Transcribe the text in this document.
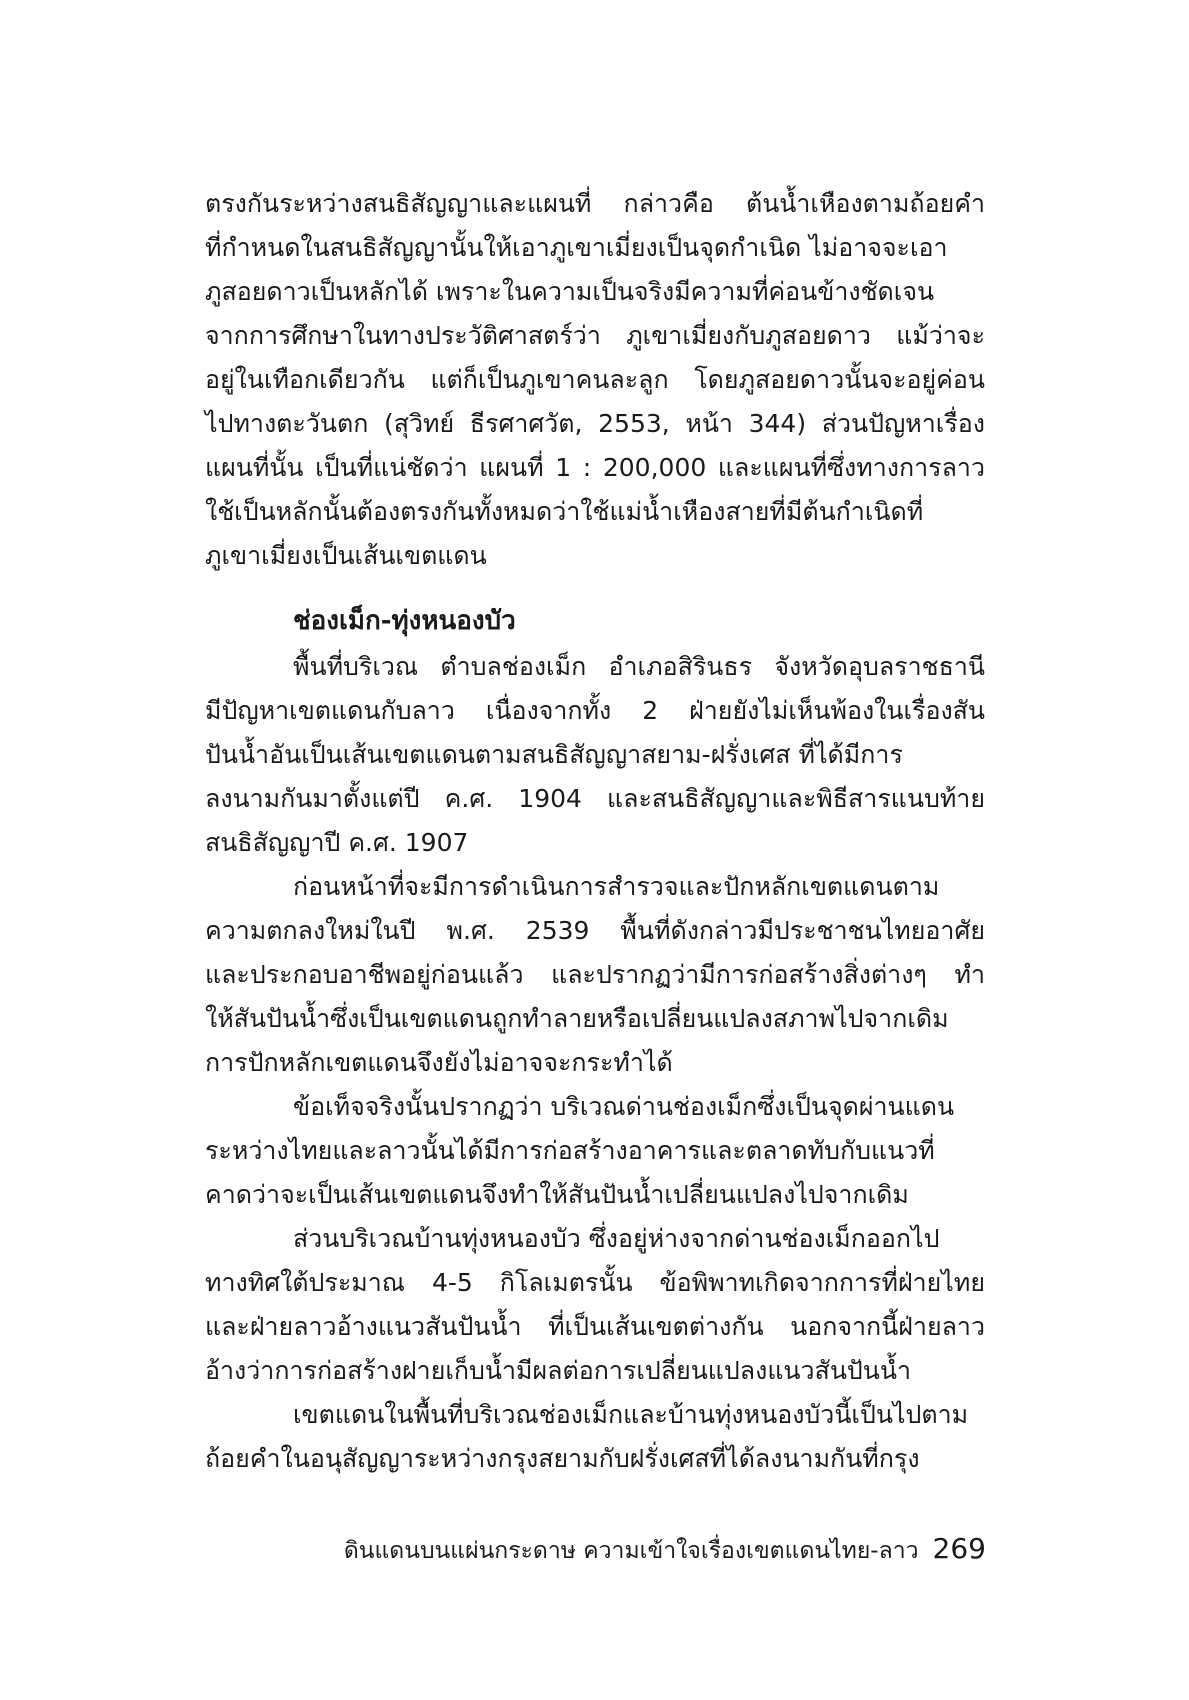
ตรงกันระหว่างสนธิสัญญาและแผนที่ กล่าวคือ ต้นน้ำเหืองตามถ้อยคำ
ที่กำหนดในสนธิสัญญานั้นให้เอาภูเขาเมี่ยงเป็นจุดกำเนิด ไม่อาจจะเอา
ภูสอยดาวเป็นหลักได้ เพราะในความเป็นจริงมีความที่ค่อนข้างชัดเจน
จากการศึกษาในทางประวัติศาสตร์ว่า ภูเขาเมี่ยงกับภูสอยดาว แม้ว่าจะ
อยู่ในเทือกเดียวกัน แต่ก็เป็นภูเขาคนละลูก โดยภูสอยดาวนั้นจะอยู่ค่อน
ไปทางตะวันตก (สุวิทย์ ธีรศาศวัต, 2553, หน้า 344) ส่วนปัญหาเรื่อง
แผนที่นั้น เป็นที่แน่ชัดว่า แผนที่ 1 : 200,000 และแผนที่ซึ่งทางการลาว
ใช้เป็นหลักนั้นต้องตรงกันทั้งหมดว่าใช้แม่น้ำเหืองสายที่มีต้นกำเนิดที่
ภูเขาเมี่ยงเป็นเส้นเขตแดน
ช่องเม็ก-ทุ่งหนองบัว
พื้นที่บริเวณ ตำบลช่องเม็ก อำเภอสิรินธร จังหวัดอุบลราชธานี
มีปัญหาเขตแดนกับลาว เนื่องจากทั้ง 2 ฝ่ายยังไม่เห็นพ้องในเรื่องสัน
ปันน้ำอันเป็นเส้นเขตแดนตามสนธิสัญญาสยาม-ฝรั่งเศส ที่ได้มีการ
ลงนามกันมาตั้งแต่ปี ค.ศ. 1904 และสนธิสัญญาและพิธีสารแนบท้าย
สนธิสัญญาปี ค.ศ. 1907
ก่อนหน้าที่จะมีการดำเนินการสำรวจและปักหลักเขตแดนตาม
ความตกลงใหม่ในปี พ.ศ. 2539 พื้นที่ดังกล่าวมีประชาชนไทยอาศัย
และประกอบอาชีพอยู่ก่อนแล้ว และปรากฏว่ามีการก่อสร้างสิ่งต่างๆ ทำ
ให้สันปันน้ำซึ่งเป็นเขตแดนถูกทำลายหรือเปลี่ยนแปลงสภาพไปจากเดิม
การปักหลักเขตแดนจึงยังไม่อาจจะกระทำได้
ข้อเท็จจริงนั้นปรากฏว่า บริเวณด่านช่องเม็กซึ่งเป็นจุดผ่านแดน
ระหว่างไทยและลาวนั้นได้มีการก่อสร้างอาคารและตลาดทับกับแนวที่
คาดว่าจะเป็นเส้นเขตแดนจึงทำให้สันปันน้ำเปลี่ยนแปลงไปจากเดิม
ส่วนบริเวณบ้านทุ่งหนองบัว ซึ่งอยู่ห่างจากด่านช่องเม็กออกไป
ทางทิศใต้ประมาณ 4-5 กิโลเมตรนั้น ข้อพิพาทเกิดจากการที่ฝ่ายไทย
และฝ่ายลาวอ้างแนวสันปันน้ำ ที่เป็นเส้นเขตต่างกัน นอกจากนี้ฝ่ายลาว
อ้างว่าการก่อสร้างฝายเก็บน้ำมีผลต่อการเปลี่ยนแปลงแนวสันปันน้ำ
เขตแดนในพื้นที่บริเวณช่องเม็กและบ้านทุ่งหนองบัวนี้เป็นไปตาม
ถ้อยคำในอนุสัญญาระหว่างกรุงสยามกับฝรั่งเศสที่ได้ลงนามกันที่กรุง
ดินแดนบนแผ่นกระดาษ ความเข้าใจเรื่องเขตแดนไทย-ลาว 269
